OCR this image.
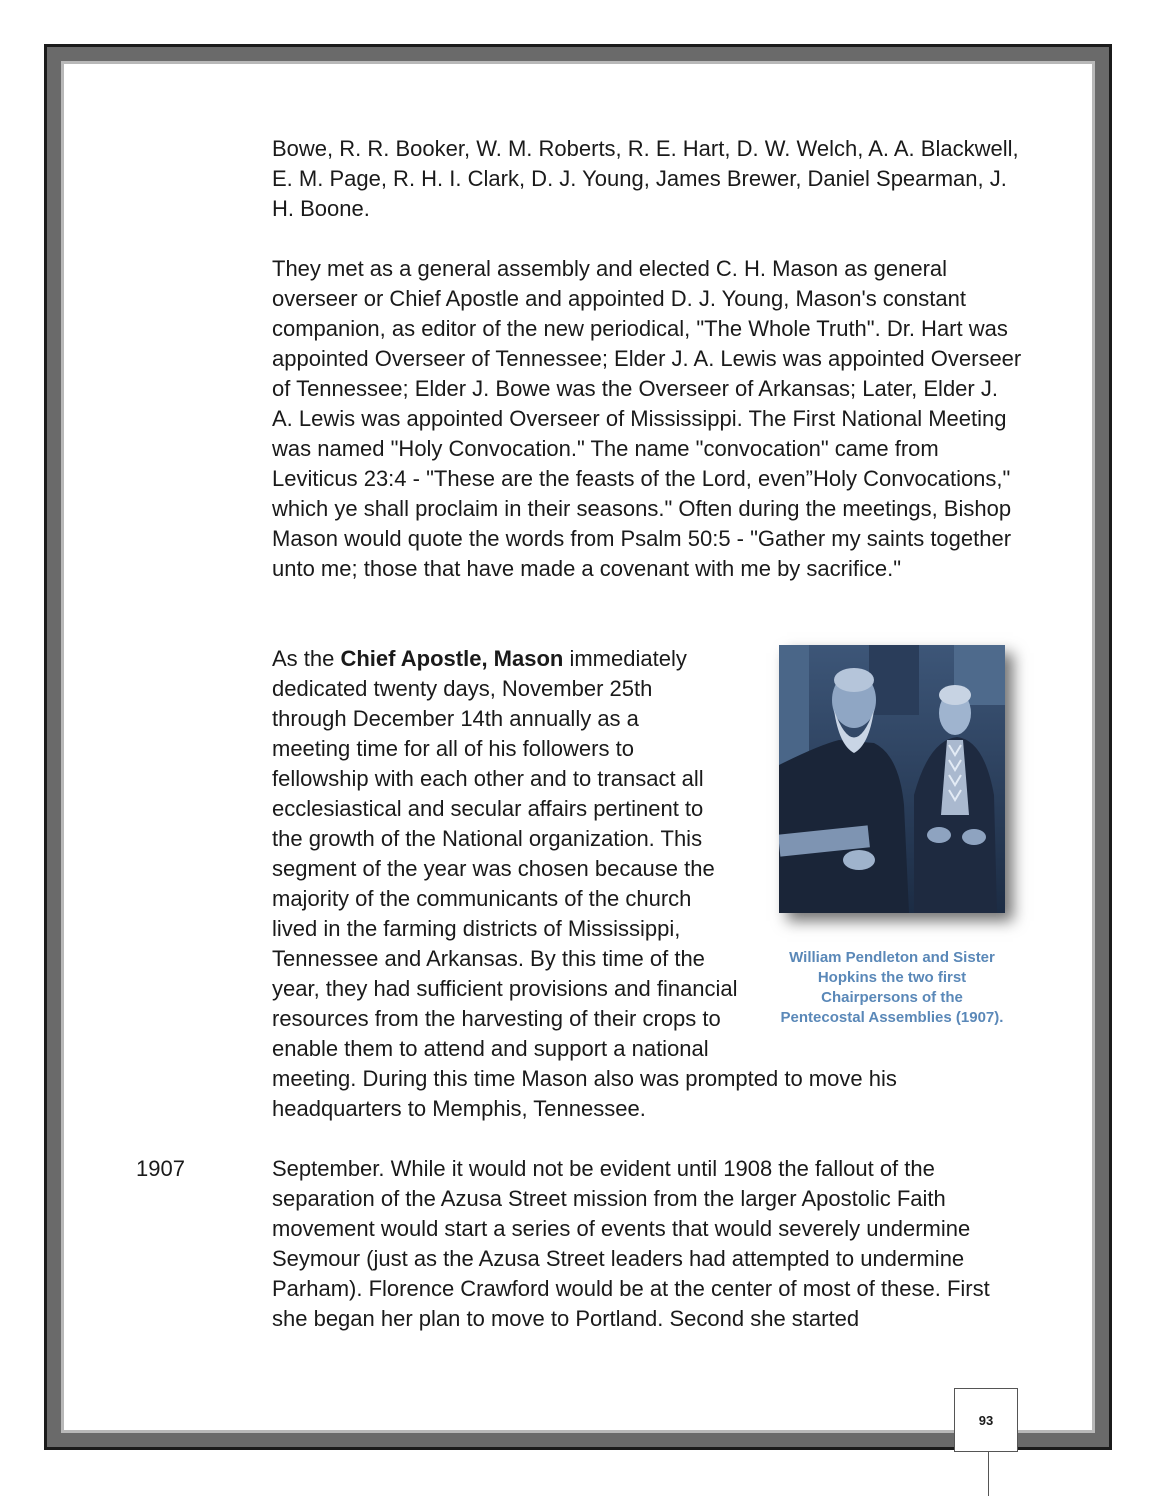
Bowe, R. R. Booker, W. M. Roberts, R. E. Hart, D. W. Welch, A. A. Blackwell, E. M. Page, R. H. I. Clark, D. J. Young, James Brewer, Daniel Spearman, J. H. Boone.

They met as a general assembly and elected C. H. Mason as general overseer or Chief Apostle and appointed D. J. Young, Mason's constant companion, as editor of the new periodical, "The Whole Truth". Dr. Hart was appointed Overseer of Tennessee; Elder J. A. Lewis was appointed Overseer of Tennessee; Elder J. Bowe was the Overseer of Arkansas; Later, Elder J. A. Lewis was appointed Overseer of Mississippi. The First National Meeting was named "Holy Convocation." The name "convocation" came from Leviticus 23:4 - "These are the feasts of the Lord, even”Holy Convocations," which ye shall proclaim in their seasons." Often during the meetings, Bishop Mason would quote the words from Psalm 50:5 - "Gather my saints together unto me; those that have made a covenant with me by sacrifice."

As the Chief Apostle, Mason immediately
dedicated twenty days, November 25th
through December 14th annually as a
meeting time for all of his followers to
fellowship with each other and to transact all
ecclesiastical and secular affairs pertinent to
the growth of the National organization. This
segment of the year was chosen because the
majority of the communicants of the church
lived in the farming districts of Mississippi,
Tennessee and Arkansas. By this time of the
year, they had sufficient provisions and financial
resources from the harvesting of their crops to
enable them to attend and support a national

meeting. During this time Mason also was prompted to move his headquarters to Memphis, Tennessee.

1907	September. While it would not be evident until 1908 the fallout of the separation of the Azusa Street mission from the larger Apostolic Faith movement would start a series of events that would severely undermine Seymour (just as the Azusa Street leaders had attempted to undermine Parham). Florence Crawford would be at the center of most of these. First she began her plan to move to Portland. Second she started

William Pendleton and Sister Hopkins the two first Chairpersons of the Pentecostal Assemblies (1907).

93
